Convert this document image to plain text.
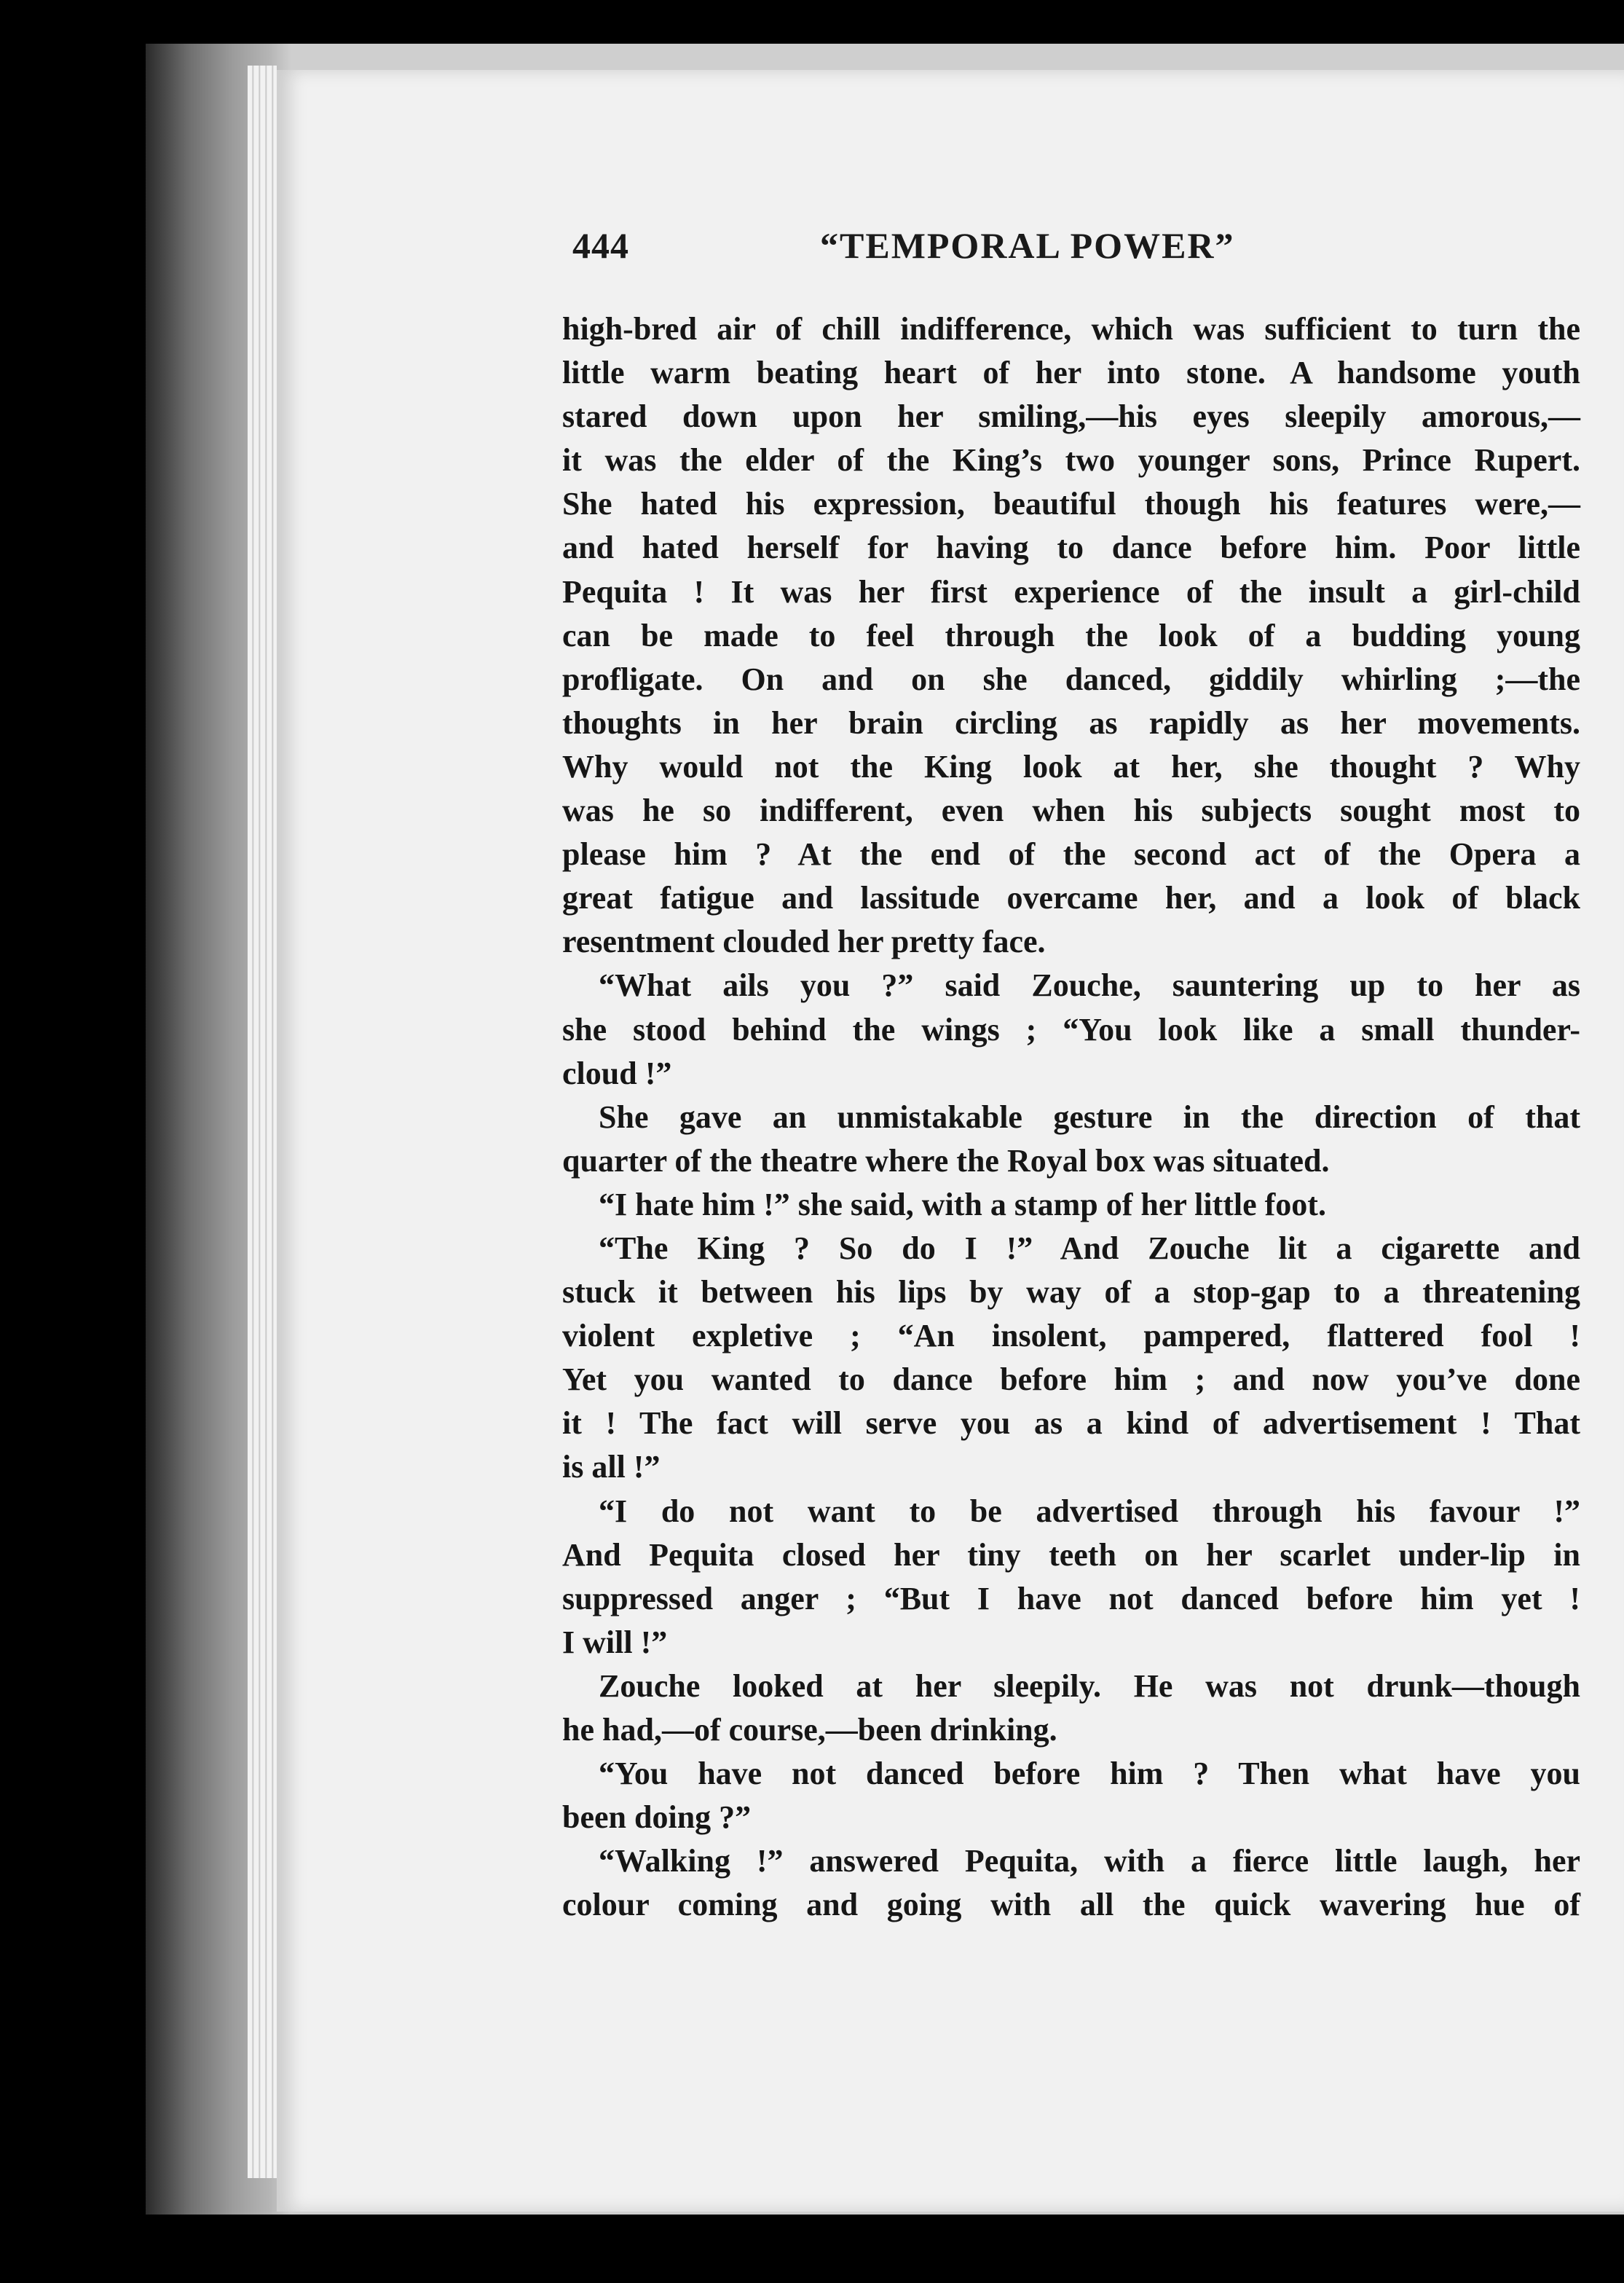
444	“TEMPORAL POWER”
high-bred air of chill indifference, which was sufficient to turn the
little warm beating heart of her into stone. A handsome youth
stared down upon her smiling,—his eyes sleepily amorous,—
it was the elder of the King’s two younger sons, Prince Rupert.
She hated his expression, beautiful though his features were,—
and hated herself for having to dance before him. Poor little
Pequita ! It was her first experience of the insult a girl-child
can be made to feel through the look of a budding young
profligate. On and on she danced, giddily whirling ;—the
thoughts in her brain circling as rapidly as her movements.
Why would not the King look at her, she thought ? Why
was he so indifferent, even when his subjects sought most to
please him ? At the end of the second act of the Opera a
great fatigue and lassitude overcame her, and a look of black
resentment clouded her pretty face.
“What ails you ?” said Zouche, sauntering up to her as
she stood behind the wings ; “You look like a small thunder-
cloud !”
She gave an unmistakable gesture in the direction of that
quarter of the theatre where the Royal box was situated.
“I hate him !” she said, with a stamp of her little foot.
“The King ? So do I !” And Zouche lit a cigarette and
stuck it between his lips by way of a stop-gap to a threatening
violent expletive ; “An insolent, pampered, flattered fool !
Yet you wanted to dance before him ; and now you’ve done
it ! The fact will serve you as a kind of advertisement ! That
is all !”
“I do not want to be advertised through his favour !”
And Pequita closed her tiny teeth on her scarlet under-lip in
suppressed anger ; “But I have not danced before him yet !
I will !”
Zouche looked at her sleepily. He was not drunk—though
he had,—of course,—been drinking.
“You have not danced before him ? Then what have you
been doing ?”
“Walking !” answered Pequita, with a fierce little laugh, her
colour coming and going with all the quick wavering hue of
